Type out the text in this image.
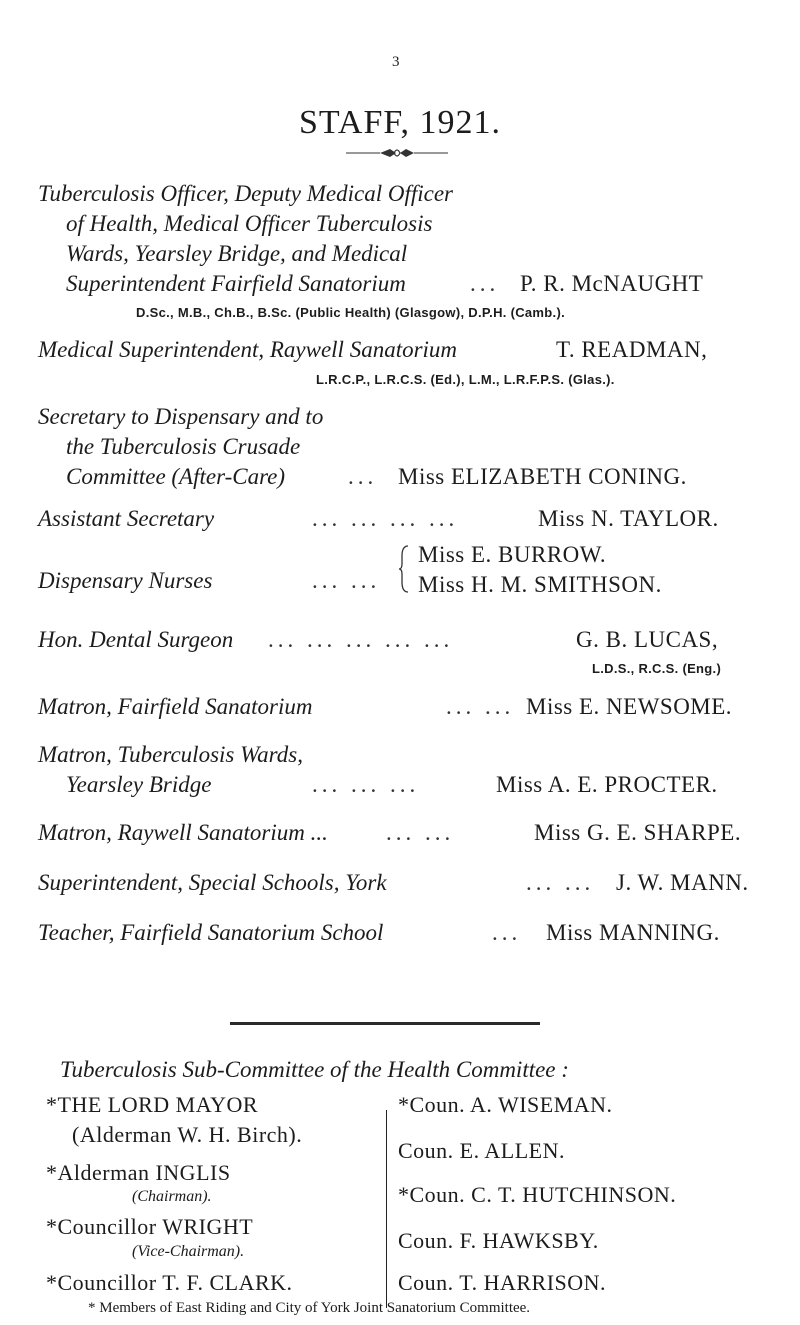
3
STAFF, 1921.
Tuberculosis Officer, Deputy Medical Officer
of Health, Medical Officer Tuberculosis
Wards, Yearsley Bridge, and Medical
Superintendent Fairfield Sanatorium	... P. R. McNAUGHT
D.Sc., M.B., Ch.B., B.Sc. (Public Health) (Glasgow), D.P.H. (Camb.).
Medical Superintendent, Raywell Sanatorium	T. READMAN,
L.R.C.P., L.R.C.S. (Ed.), L.M., L.R.F.P.S. (Glas.).
Secretary to Dispensary and to
the Tuberculosis Crusade
Committee (After-Care)	... Miss ELIZABETH CONING.
Assistant Secretary	... ... ... ...	Miss N. TAYLOR.
Dispensary Nurses	... ...
Miss E. BURROW.
Miss H. M. SMITHSON.
Hon. Dental Surgeon ... ... ... ... ...	G. B. LUCAS,
L.D.S., R.C.S. (Eng.)
Matron, Fairfield Sanatorium	... ... Miss E. NEWSOME.
Matron, Tuberculosis Wards,
Yearsley Bridge	... ... ...	Miss A. E. PROCTER.
Matron, Raywell Sanatorium ...	... ...	Miss G. E. SHARPE.
Superintendent, Special Schools, York	... ... J. W. MANN.
Teacher, Fairfield Sanatorium School	... Miss MANNING.
Tuberculosis Sub-Committee of the Health Committee :
*THE LORD MAYOR
(Alderman W. H. Birch).
*Alderman INGLIS
(Chairman).
*Councillor WRIGHT
(Vice-Chairman).
*Councillor T. F. CLARK.
*Coun. A. WISEMAN.
Coun. E. ALLEN.
*Coun. C. T. HUTCHINSON.
Coun. F. HAWKSBY.
Coun. T. HARRISON.
* Members of East Riding and City of York Joint Sanatorium Committee.
